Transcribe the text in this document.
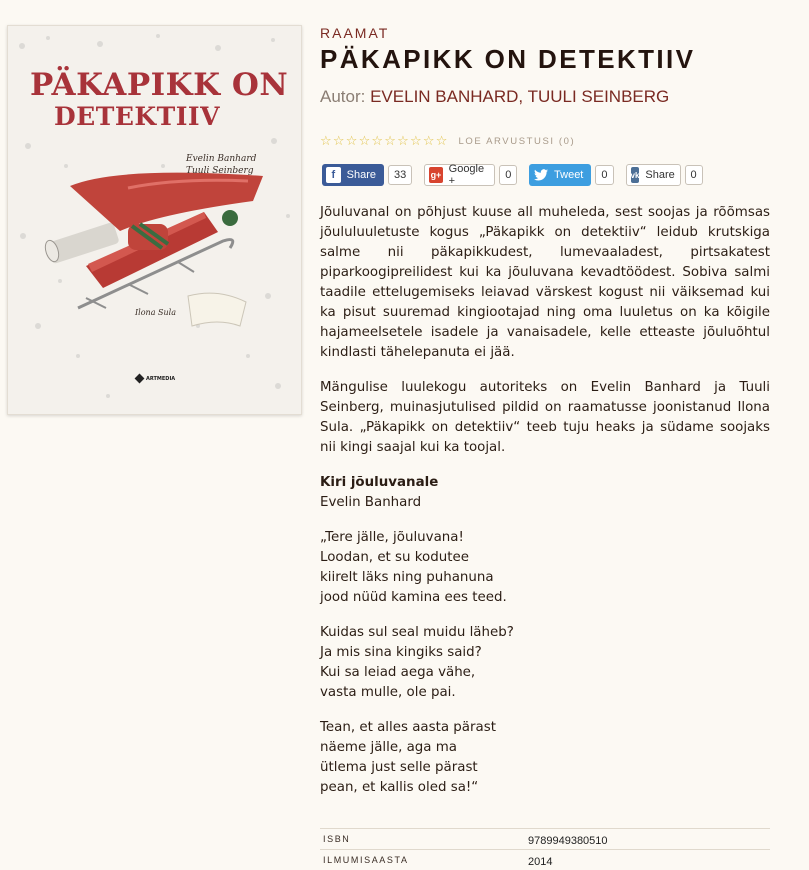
PÄKAPIKK ON
DETEKTIIV
Evelin Banhard
Tuuli Seinberg
Ilona Sula
ARTMEDIA
RAAMAT
PÄKAPIKK ON DETEKTIIV
Autor: EVELIN BANHARD, TUULI SEINBERG
☆☆☆☆☆☆☆☆☆☆ LOE ARVUSTUSI (0)
f	Share	33	g+ Google +	0	Tweet	0	vk Share	0

Jõuluvanal on põhjust kuuse all muheleda, sest soojas ja rõõmsas jõululuuletuste kogus „Päkapikk on detektiiv“ leidub krutskiga salme nii päkapikkudest, lumevaaladest, pirtsakatest piparkoogipreilidest kui ka jõuluvana kevadtöödest. Sobiva salmi taadile ettelugemiseks leiavad värskest kogust nii väiksemad kui ka pisut suuremad kingiootajad ning oma luuletus on ka kõigile hajameelsetele isadele ja vanaisadele, kelle etteaste jõuluõhtul kindlasti tähelepanuta ei jää.

Mängulise luulekogu autoriteks on Evelin Banhard ja Tuuli Seinberg, muinasjutulised pildid on raamatusse joonistanud Ilona Sula. „Päkapikk on detektiiv“ teeb tuju heaks ja südame soojaks nii kingi saajal kui ka toojal.

Kiri jõuluvanale
Evelin Banhard

„Tere jälle, jõuluvana!
Loodan, et su kodutee
kiirelt läks ning puhanuna
jood nüüd kamina ees teed.

Kuidas sul seal muidu läheb?
Ja mis sina kingiks said?
Kui sa leiad aega vähe,
vasta mulle, ole pai.

Tean, et alles aasta pärast
näeme jälle, aga ma
ütlema just selle pärast
pean, et kallis oled sa!“

ISBN	9789949380510
ILMUMISAASTA	2014
